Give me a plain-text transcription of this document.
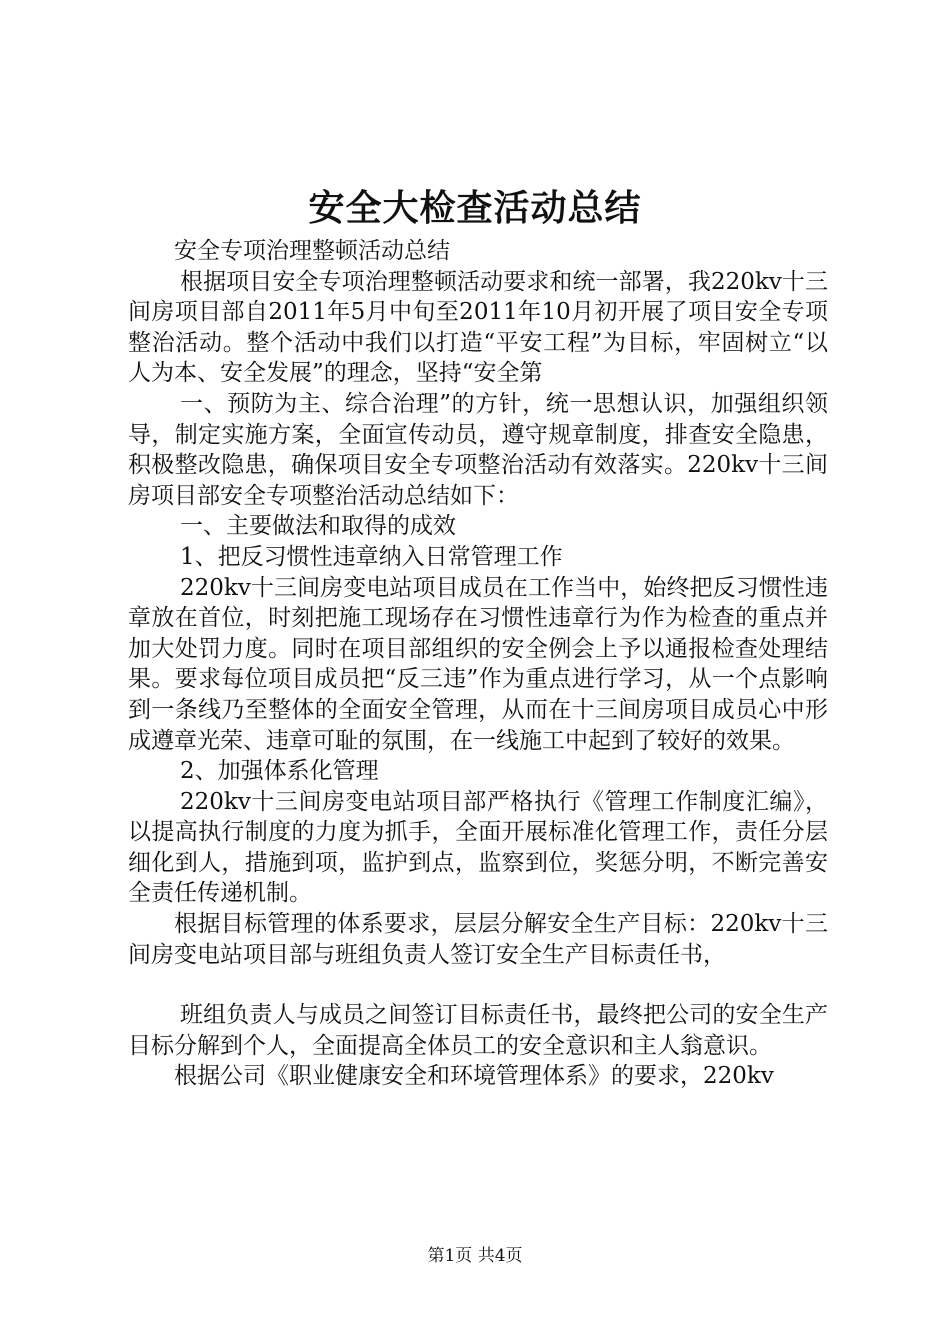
安全大检查活动总结

安全专项治理整顿活动总结

根据项目安全专项治理整顿活动要求和统一部署，我220kv十三间房项目部自2011年5月中旬至2011年10月初开展了项目安全专项整治活动。整个活动中我们以打造“平安工程”为目标，牢固树立“以人为本、安全发展”的理念，坚持“安全第

一、预防为主、综合治理”的方针，统一思想认识，加强组织领导，制定实施方案，全面宣传动员，遵守规章制度，排查安全隐患，积极整改隐患，确保项目安全专项整治活动有效落实。220kv十三间房项目部安全专项整治活动总结如下：

一、主要做法和取得的成效

1、把反习惯性违章纳入日常管理工作

220kv十三间房变电站项目成员在工作当中，始终把反习惯性违章放在首位，时刻把施工现场存在习惯性违章行为作为检查的重点并加大处罚力度。同时在项目部组织的安全例会上予以通报检查处理结果。要求每位项目成员把“反三违”作为重点进行学习，从一个点影响到一条线乃至整体的全面安全管理，从而在十三间房项目成员心中形成遵章光荣、违章可耻的氛围，在一线施工中起到了较好的效果。

2、加强体系化管理

220kv十三间房变电站项目部严格执行《管理工作制度汇编》，以提高执行制度的力度为抓手，全面开展标准化管理工作，责任分层细化到人，措施到项，监护到点，监察到位，奖惩分明，不断完善安全责任传递机制。

根据目标管理的体系要求，层层分解安全生产目标：220kv十三间房变电站项目部与班组负责人签订安全生产目标责任书，

班组负责人与成员之间签订目标责任书，最终把公司的安全生产目标分解到个人，全面提高全体员工的安全意识和主人翁意识。

根据公司《职业健康安全和环境管理体系》的要求，220kv

第1页 共4页
